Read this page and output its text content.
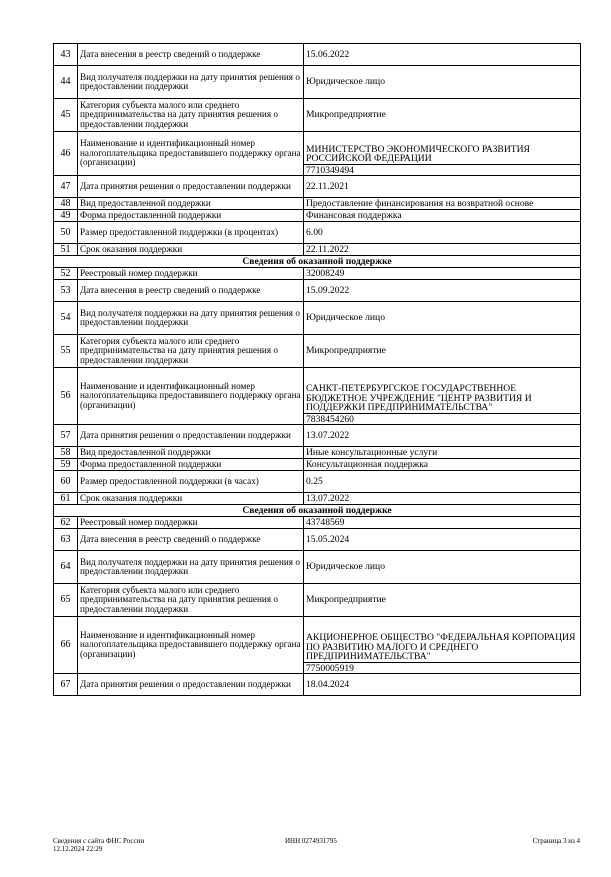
43	Дата внесения в реестр сведений о поддержке	15.06.2022
44	Вид получателя поддержки на дату принятия решения о предоставлении поддержки	Юридическое лицо
45	Категория субъекта малого или среднего предпринимательства на дату принятия решения о предоставлении поддержки	Микропредприятие
46	Наименование и идентификационный номер налогоплательщика предоставившего поддержку органа (организации)	МИНИСТЕРСТВО ЭКОНОМИЧЕСКОГО РАЗВИТИЯ РОССИЙСКОЙ ФЕДЕРАЦИИ
7710349494

47	Дата принятия решения о предоставлении поддержки	22.11.2021
48	Вид предоставленной поддержки	Предоставление финансирования на возвратной основе
49	Форма предоставленной поддержки	Финансовая поддержка
50	Размер предоставленной поддержки (в процентах)	6.00
51	Срок оказания поддержки	22.11.2022
Сведения об оказанной поддержке		
52	Реестровый номер поддержки	32008249
53	Дата внесения в реестр сведений о поддержке	15.09.2022
54	Вид получателя поддержки на дату принятия решения о предоставлении поддержки	Юридическое лицо
55	Категория субъекта малого или среднего предпринимательства на дату принятия решения о предоставлении поддержки	Микропредприятие
56	Наименование и идентификационный номер налогоплательщика предоставившего поддержку органа (организации)	САНКТ-ПЕТЕРБУРГСКОЕ ГОСУДАРСТВЕННОЕ БЮДЖЕТНОЕ УЧРЕЖДЕНИЕ "ЦЕНТР РАЗВИТИЯ И ПОДДЕРЖКИ ПРЕДПРИНИМАТЕЛЬСТВА"
7838454260

57	Дата принятия решения о предоставлении поддержки	13.07.2022
58	Вид предоставленной поддержки	Иные консультационные услуги
59	Форма предоставленной поддержки	Консультационная поддержка
60	Размер предоставленной поддержки (в часах)	0.25
61	Срок оказания поддержки	13.07.2022
Сведения об оказанной поддержке		
62	Реестровый номер поддержки	43748569
63	Дата внесения в реестр сведений о поддержке	15.05.2024
64	Вид получателя поддержки на дату принятия решения о предоставлении поддержки	Юридическое лицо
65	Категория субъекта малого или среднего предпринимательства на дату принятия решения о предоставлении поддержки	Микропредприятие
66	Наименование и идентификационный номер налогоплательщика предоставившего поддержку органа (организации)	АКЦИОНЕРНОЕ ОБЩЕСТВО "ФЕДЕРАЛЬНАЯ КОРПОРАЦИЯ ПО РАЗВИТИЮ МАЛОГО И СРЕДНЕГО ПРЕДПРИНИМАТЕЛЬСТВА"
7750005919

67	Дата принятия решения о предоставлении поддержки	18.04.2024
Сведения с сайта ФНС России
12.12.2024 22:29
ИНН 0274931795	Страница 3 из 4
